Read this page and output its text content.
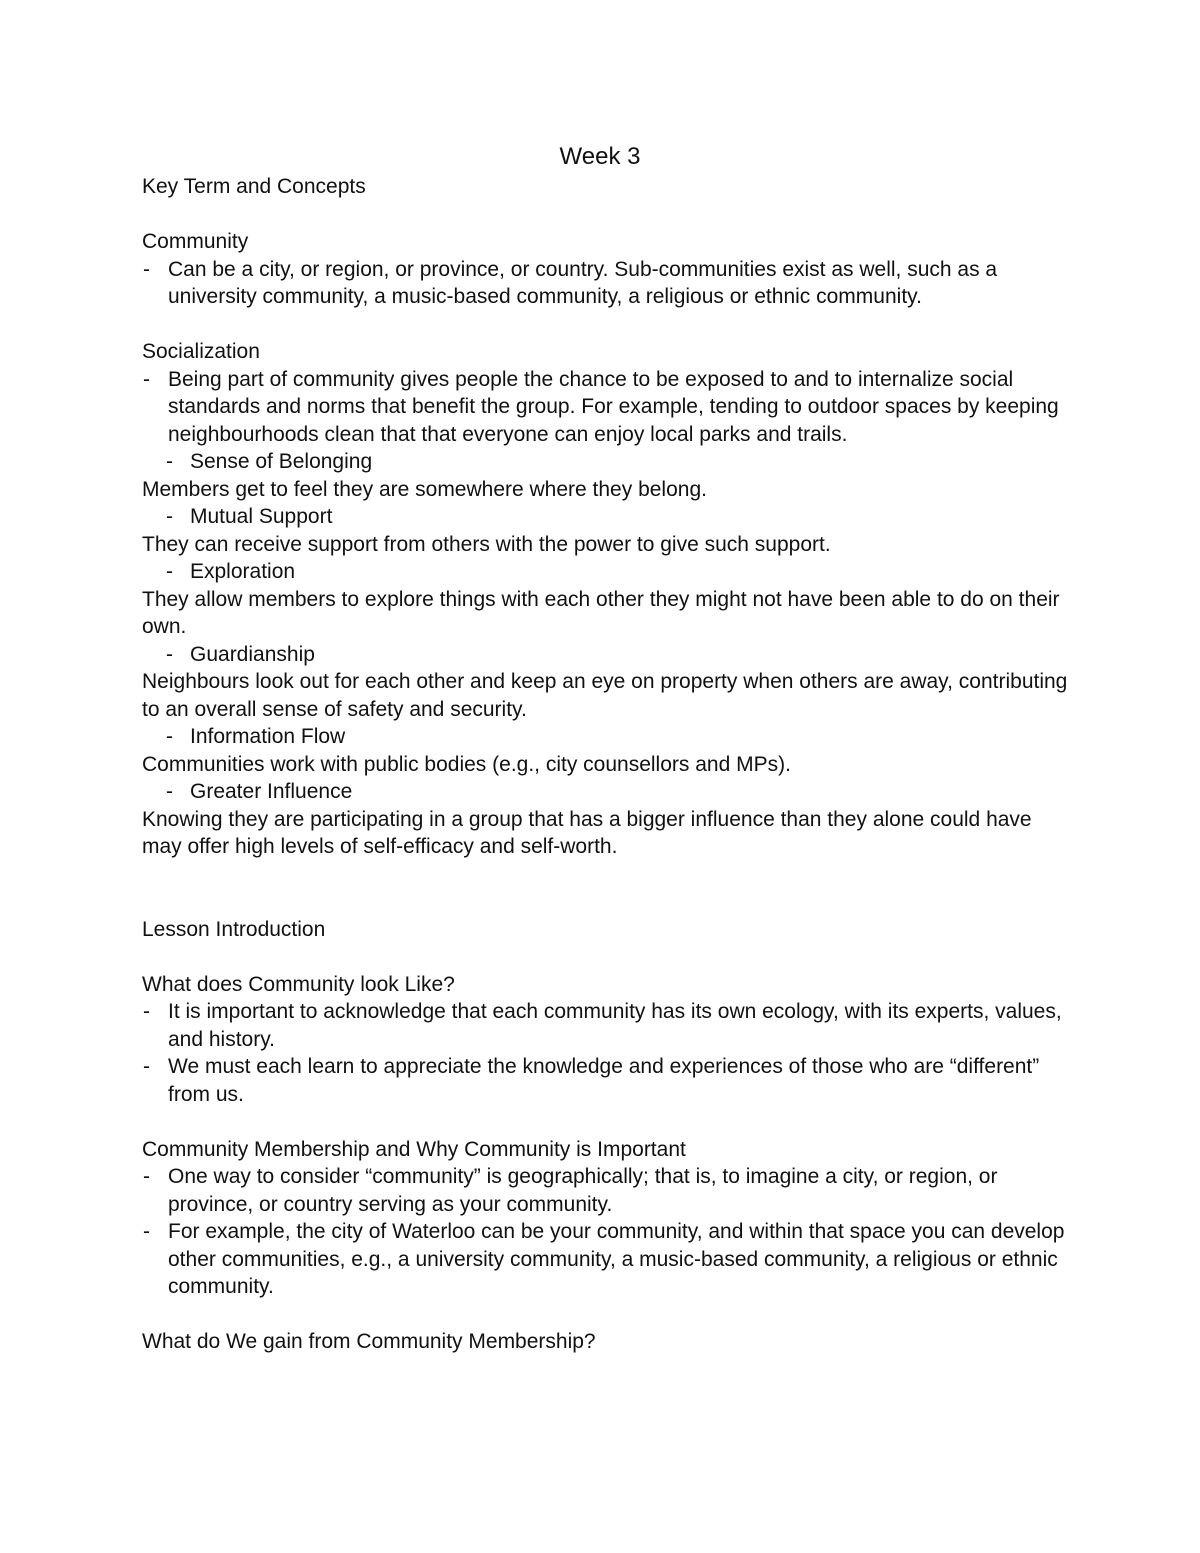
Week 3

Key Term and Concepts

Community

- Can be a city, or region, or province, or country. Sub-communities exist as well, such as a university community, a music-based community, a religious or ethnic community.

Socialization

- Being part of community gives people the chance to be exposed to and to internalize social standards and norms that benefit the group. For example, tending to outdoor spaces by keeping neighbourhoods clean that that everyone can enjoy local parks and trails.

- Sense of Belonging

Members get to feel they are somewhere where they belong.

- Mutual Support

They can receive support from others with the power to give such support.

- Exploration

They allow members to explore things with each other they might not have been able to do on their own.

- Guardianship

Neighbours look out for each other and keep an eye on property when others are away, contributing to an overall sense of safety and security.

- Information Flow

Communities work with public bodies (e.g., city counsellors and MPs).

- Greater Influence

Knowing they are participating in a group that has a bigger influence than they alone could have may offer high levels of self-efficacy and self-worth.

Lesson Introduction

What does Community look Like?

- It is important to acknowledge that each community has its own ecology, with its experts, values, and history.

- We must each learn to appreciate the knowledge and experiences of those who are “different” from us.

Community Membership and Why Community is Important

- One way to consider “community” is geographically; that is, to imagine a city, or region, or province, or country serving as your community.

- For example, the city of Waterloo can be your community, and within that space you can develop other communities, e.g., a university community, a music-based community, a religious or ethnic community.

What do We gain from Community Membership?
